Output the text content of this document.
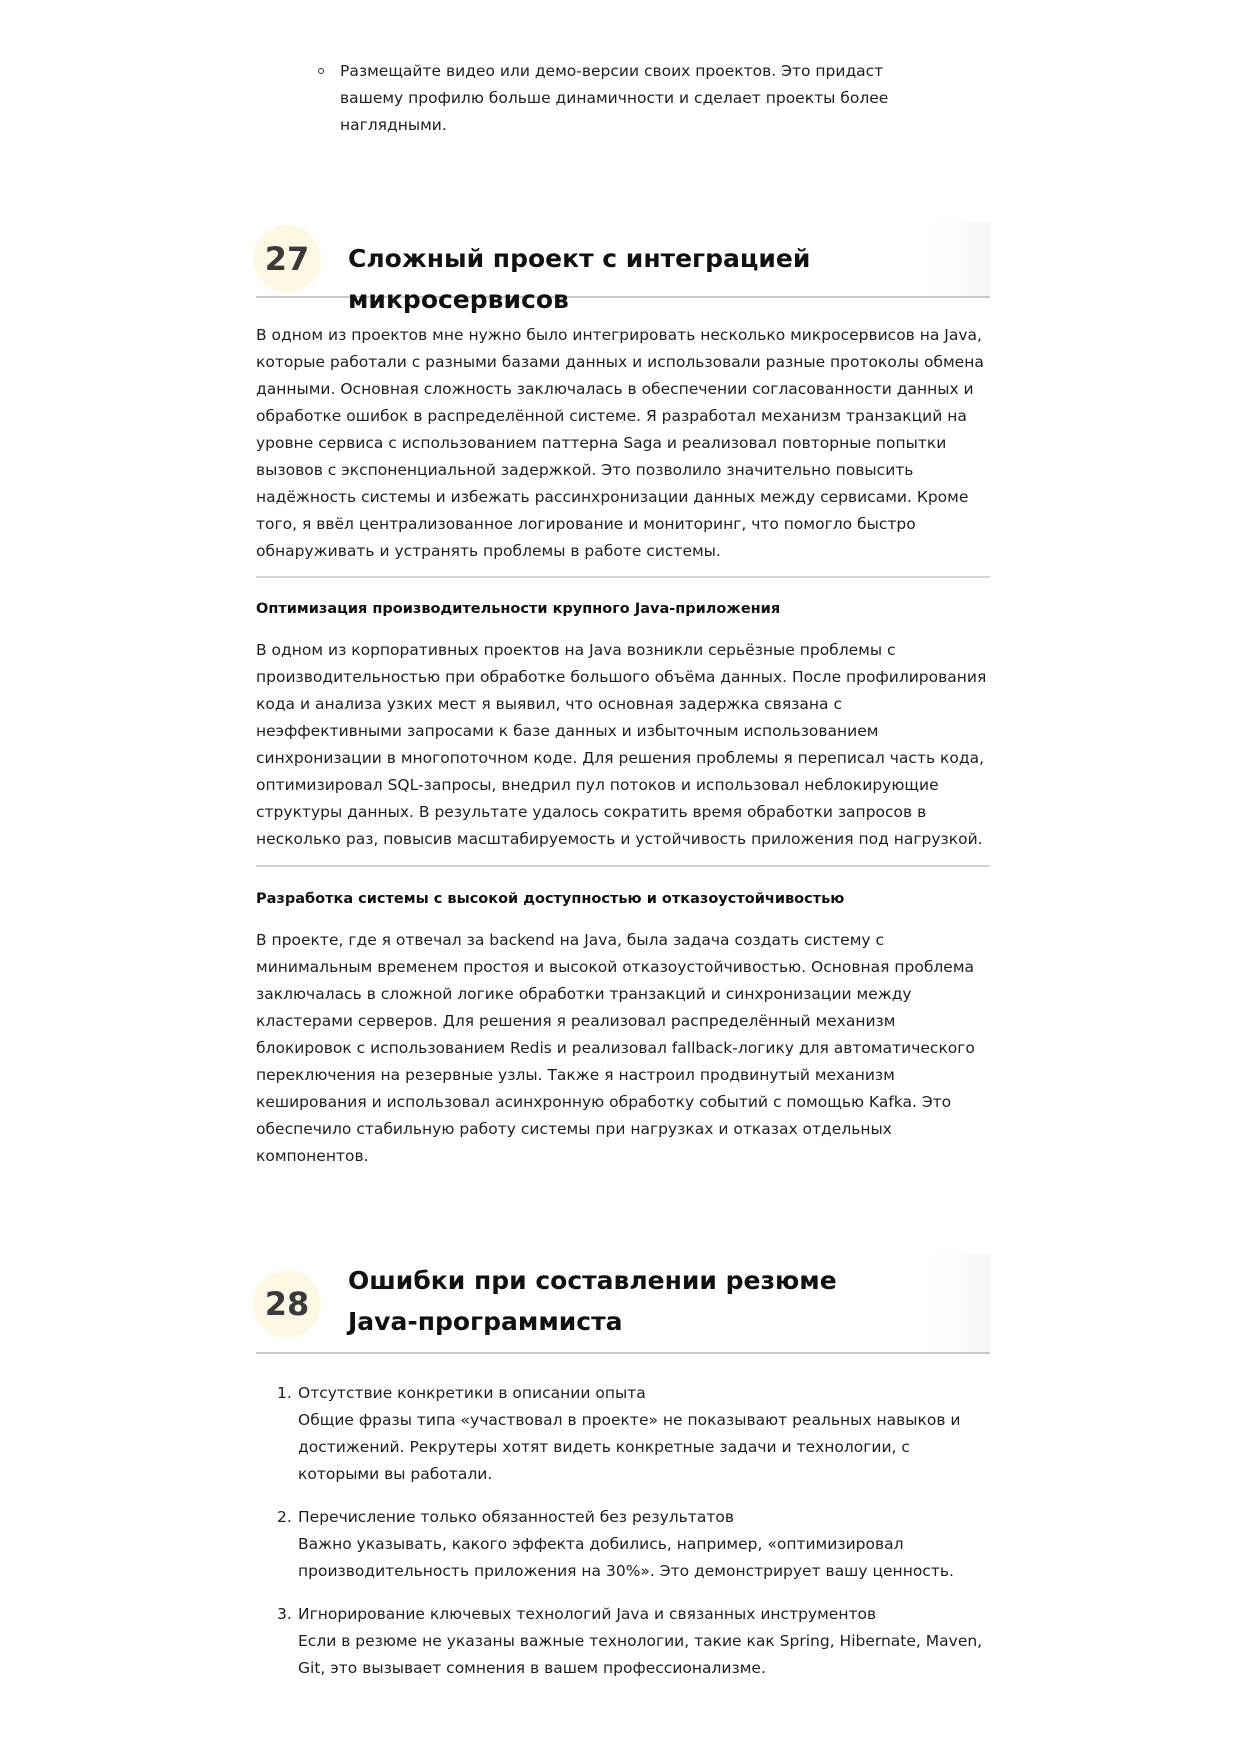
Размещайте видео или демо-версии своих проектов. Это придаст вашему профилю больше динамичности и сделает проекты более наглядными.
27	Сложный проект с интеграцией микросервисов

В одном из проектов мне нужно было интегрировать несколько микросервисов на Java, которые работали с разными базами данных и использовали разные протоколы обмена данными. Основная сложность заключалась в обеспечении согласованности данных и обработке ошибок в распределённой системе. Я разработал механизм транзакций на уровне сервиса с использованием паттерна Saga и реализовал повторные попытки вызовов с экспоненциальной задержкой. Это позволило значительно повысить надёжность системы и избежать рассинхронизации данных между сервисами. Кроме того, я ввёл централизованное логирование и мониторинг, что помогло быстро обнаруживать и устранять проблемы в работе системы.

Оптимизация производительности крупного Java-приложения

В одном из корпоративных проектов на Java возникли серьёзные проблемы с производительностью при обработке большого объёма данных. После профилирования кода и анализа узких мест я выявил, что основная задержка связана с неэффективными запросами к базе данных и избыточным использованием синхронизации в многопоточном коде. Для решения проблемы я переписал часть кода, оптимизировал SQL-запросы, внедрил пул потоков и использовал неблокирующие структуры данных. В результате удалось сократить время обработки запросов в несколько раз, повысив масштабируемость и устойчивость приложения под нагрузкой.

Разработка системы с высокой доступностью и отказоустойчивостью

В проекте, где я отвечал за backend на Java, была задача создать систему с минимальным временем простоя и высокой отказоустойчивостью. Основная проблема заключалась в сложной логике обработки транзакций и синхронизации между кластерами серверов. Для решения я реализовал распределённый механизм блокировок с использованием Redis и реализовал fallback-логику для автоматического переключения на резервные узлы. Также я настроил продвинутый механизм кеширования и использовал асинхронную обработку событий с помощью Kafka. Это обеспечило стабильную работу системы при нагрузках и отказах отдельных компонентов.

28
Ошибки при составлении резюме Java-программиста
1. Отсутствие конкретики в описании опыта
Общие фразы типа «участвовал в проекте» не показывают реальных навыков и достижений. Рекрутеры хотят видеть конкретные задачи и технологии, с которыми вы работали.
2. Перечисление только обязанностей без результатов
Важно указывать, какого эффекта добились, например, «оптимизировал производительность приложения на 30%». Это демонстрирует вашу ценность.
3. Игнорирование ключевых технологий Java и связанных инструментов
Если в резюме не указаны важные технологии, такие как Spring, Hibernate, Maven, Git, это вызывает сомнения в вашем профессионализме.
